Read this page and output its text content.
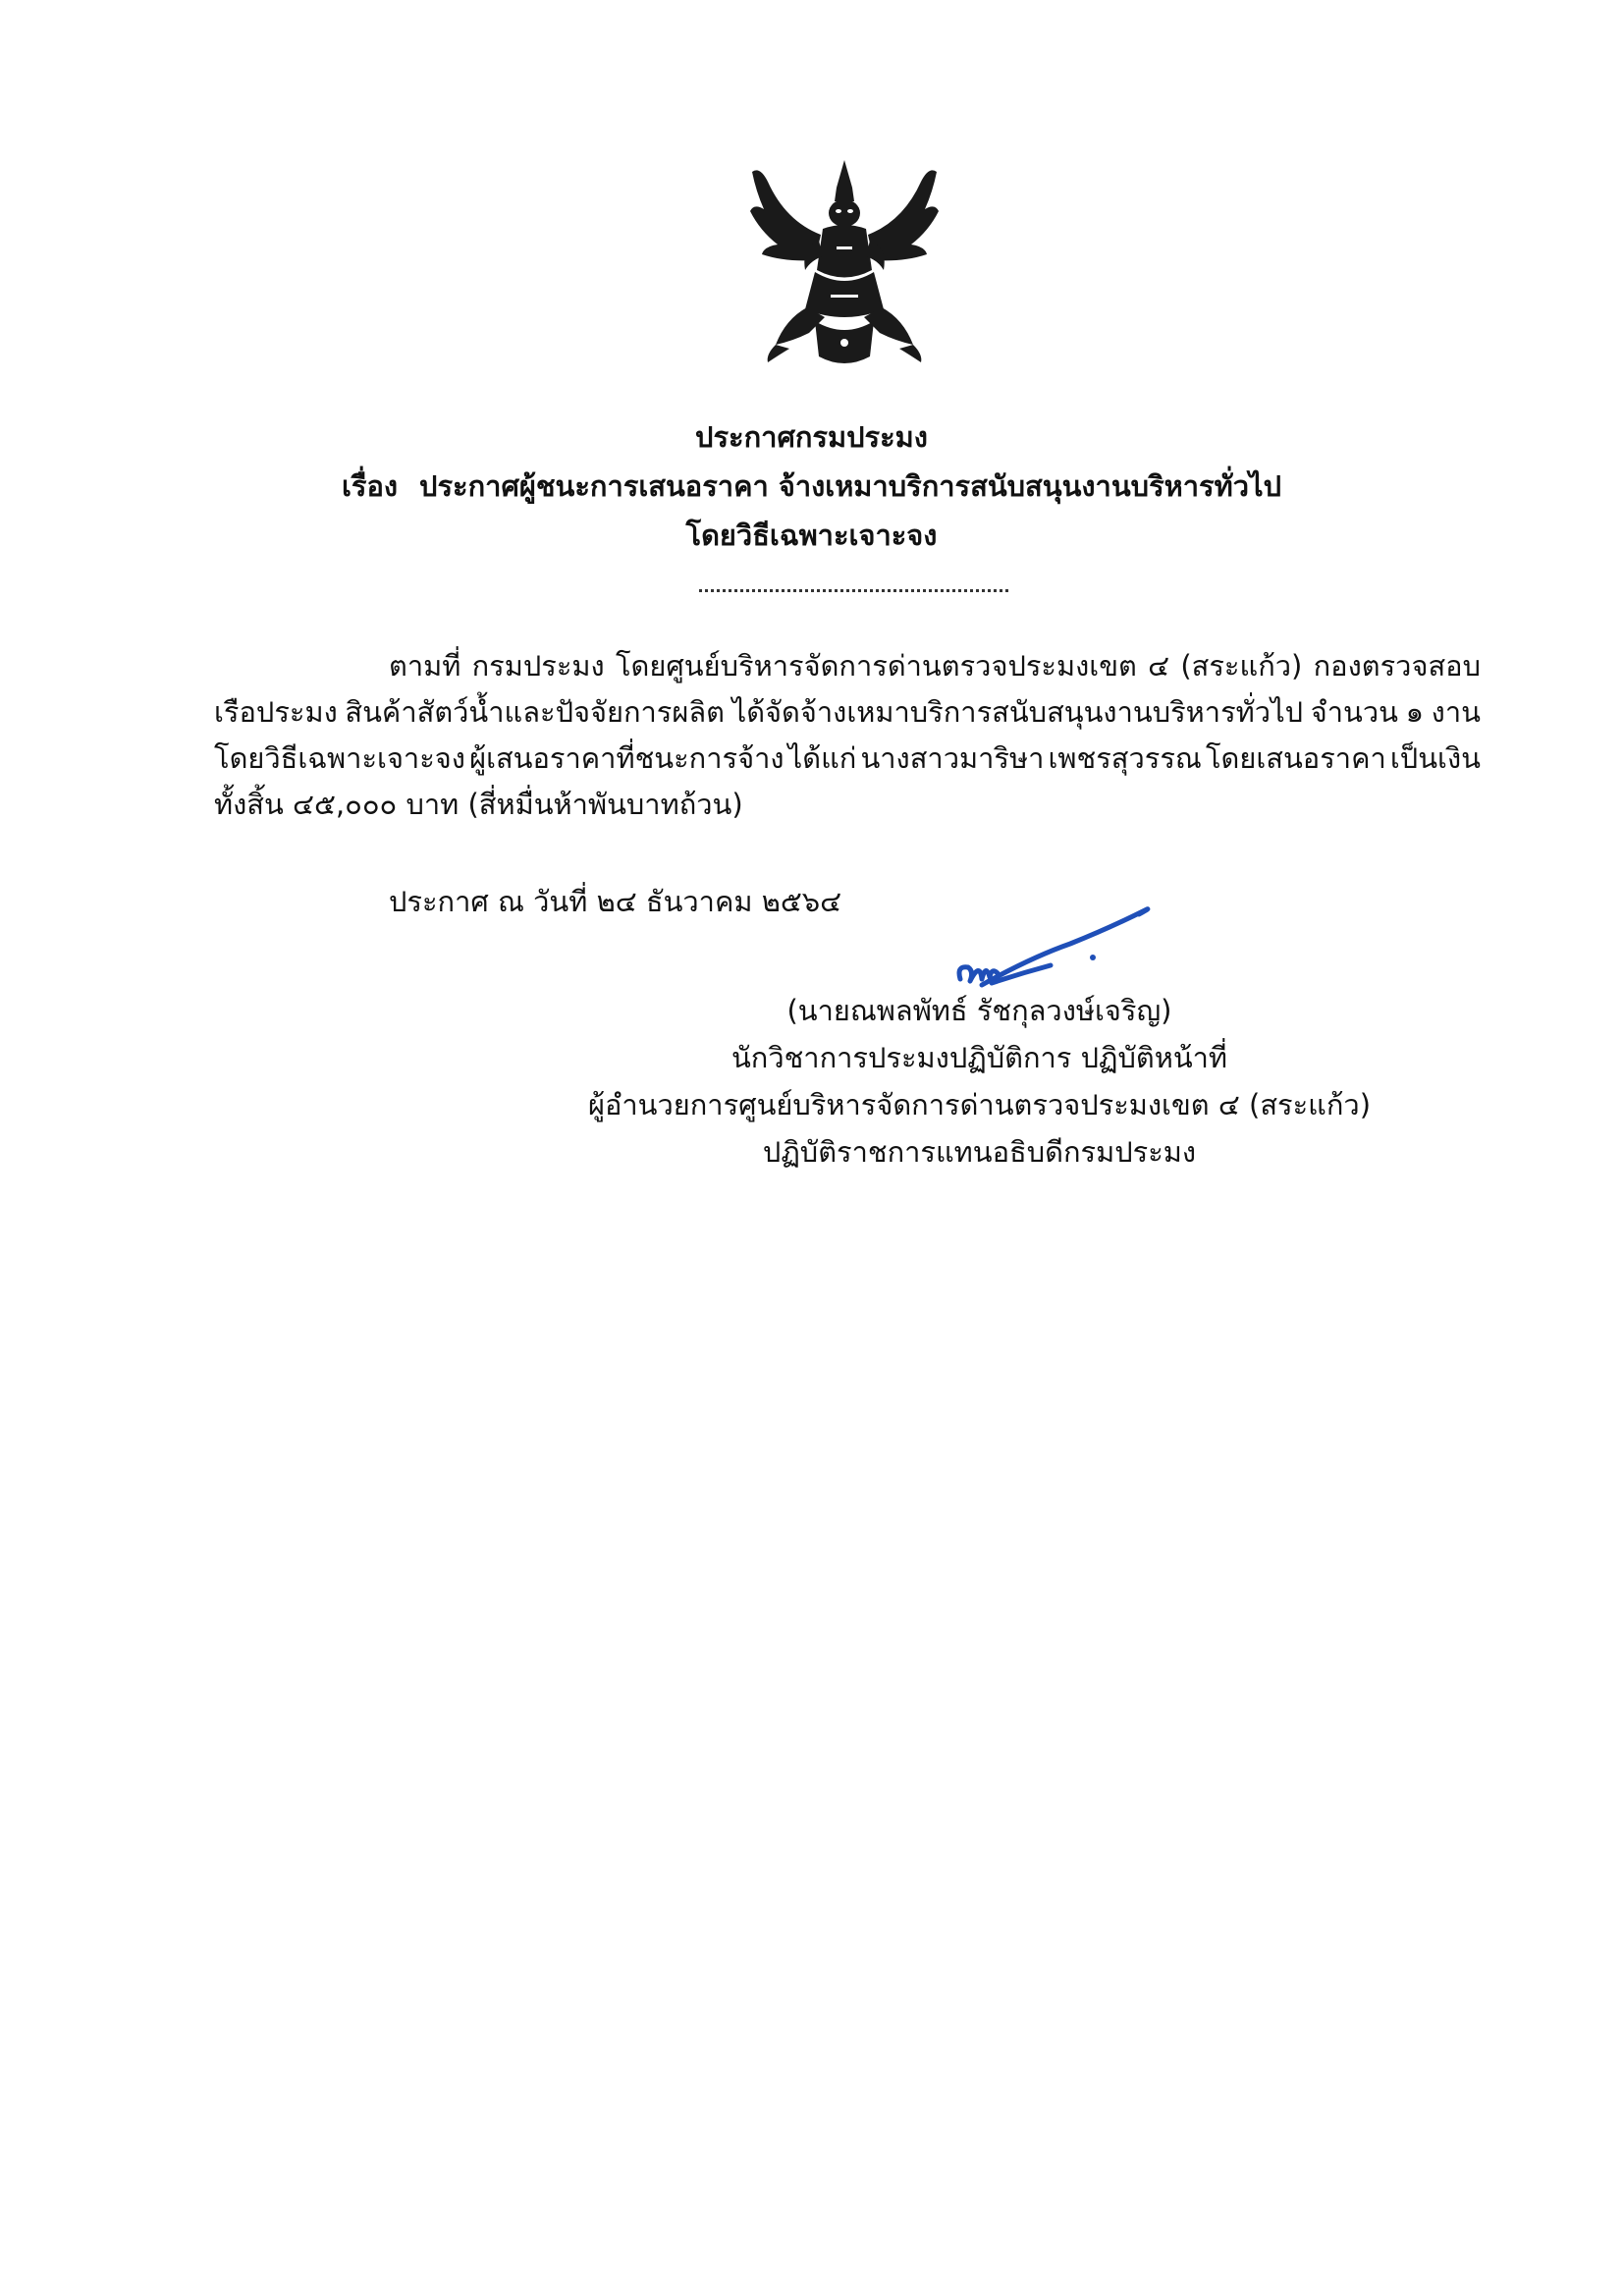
ประกาศกรมประมง
เรื่อง ประกาศผู้ชนะการเสนอราคา จ้างเหมาบริการสนับสนุนงานบริหารทั่วไป
โดยวิธีเฉพาะเจาะจง
ตามที่ กรมประมง โดยศูนย์บริหารจัดการด่านตรวจประมงเขต ๔ (สระแก้ว) กองตรวจสอบ
เรือประมง สินค้าสัตว์น้ำและปัจจัยการผลิต ได้จัดจ้างเหมาบริการสนับสนุนงานบริหารทั่วไป จำนวน ๑ งาน
โดยวิธีเฉพาะเจาะจง ผู้เสนอราคาที่ชนะการจ้าง ได้แก่ นางสาวมาริษา เพชรสุวรรณ โดยเสนอราคา เป็นเงิน
ทั้งสิ้น ๔๕,๐๐๐ บาท (สี่หมื่นห้าพันบาทถ้วน)
ประกาศ ณ วันที่ ๒๔ ธันวาคม ๒๕๖๔
(นายณพลพัทธ์ รัชกุลวงษ์เจริญ)
นักวิชาการประมงปฏิบัติการ ปฏิบัติหน้าที่
ผู้อำนวยการศูนย์บริหารจัดการด่านตรวจประมงเขต ๔ (สระแก้ว)
ปฏิบัติราชการแทนอธิบดีกรมประมง
